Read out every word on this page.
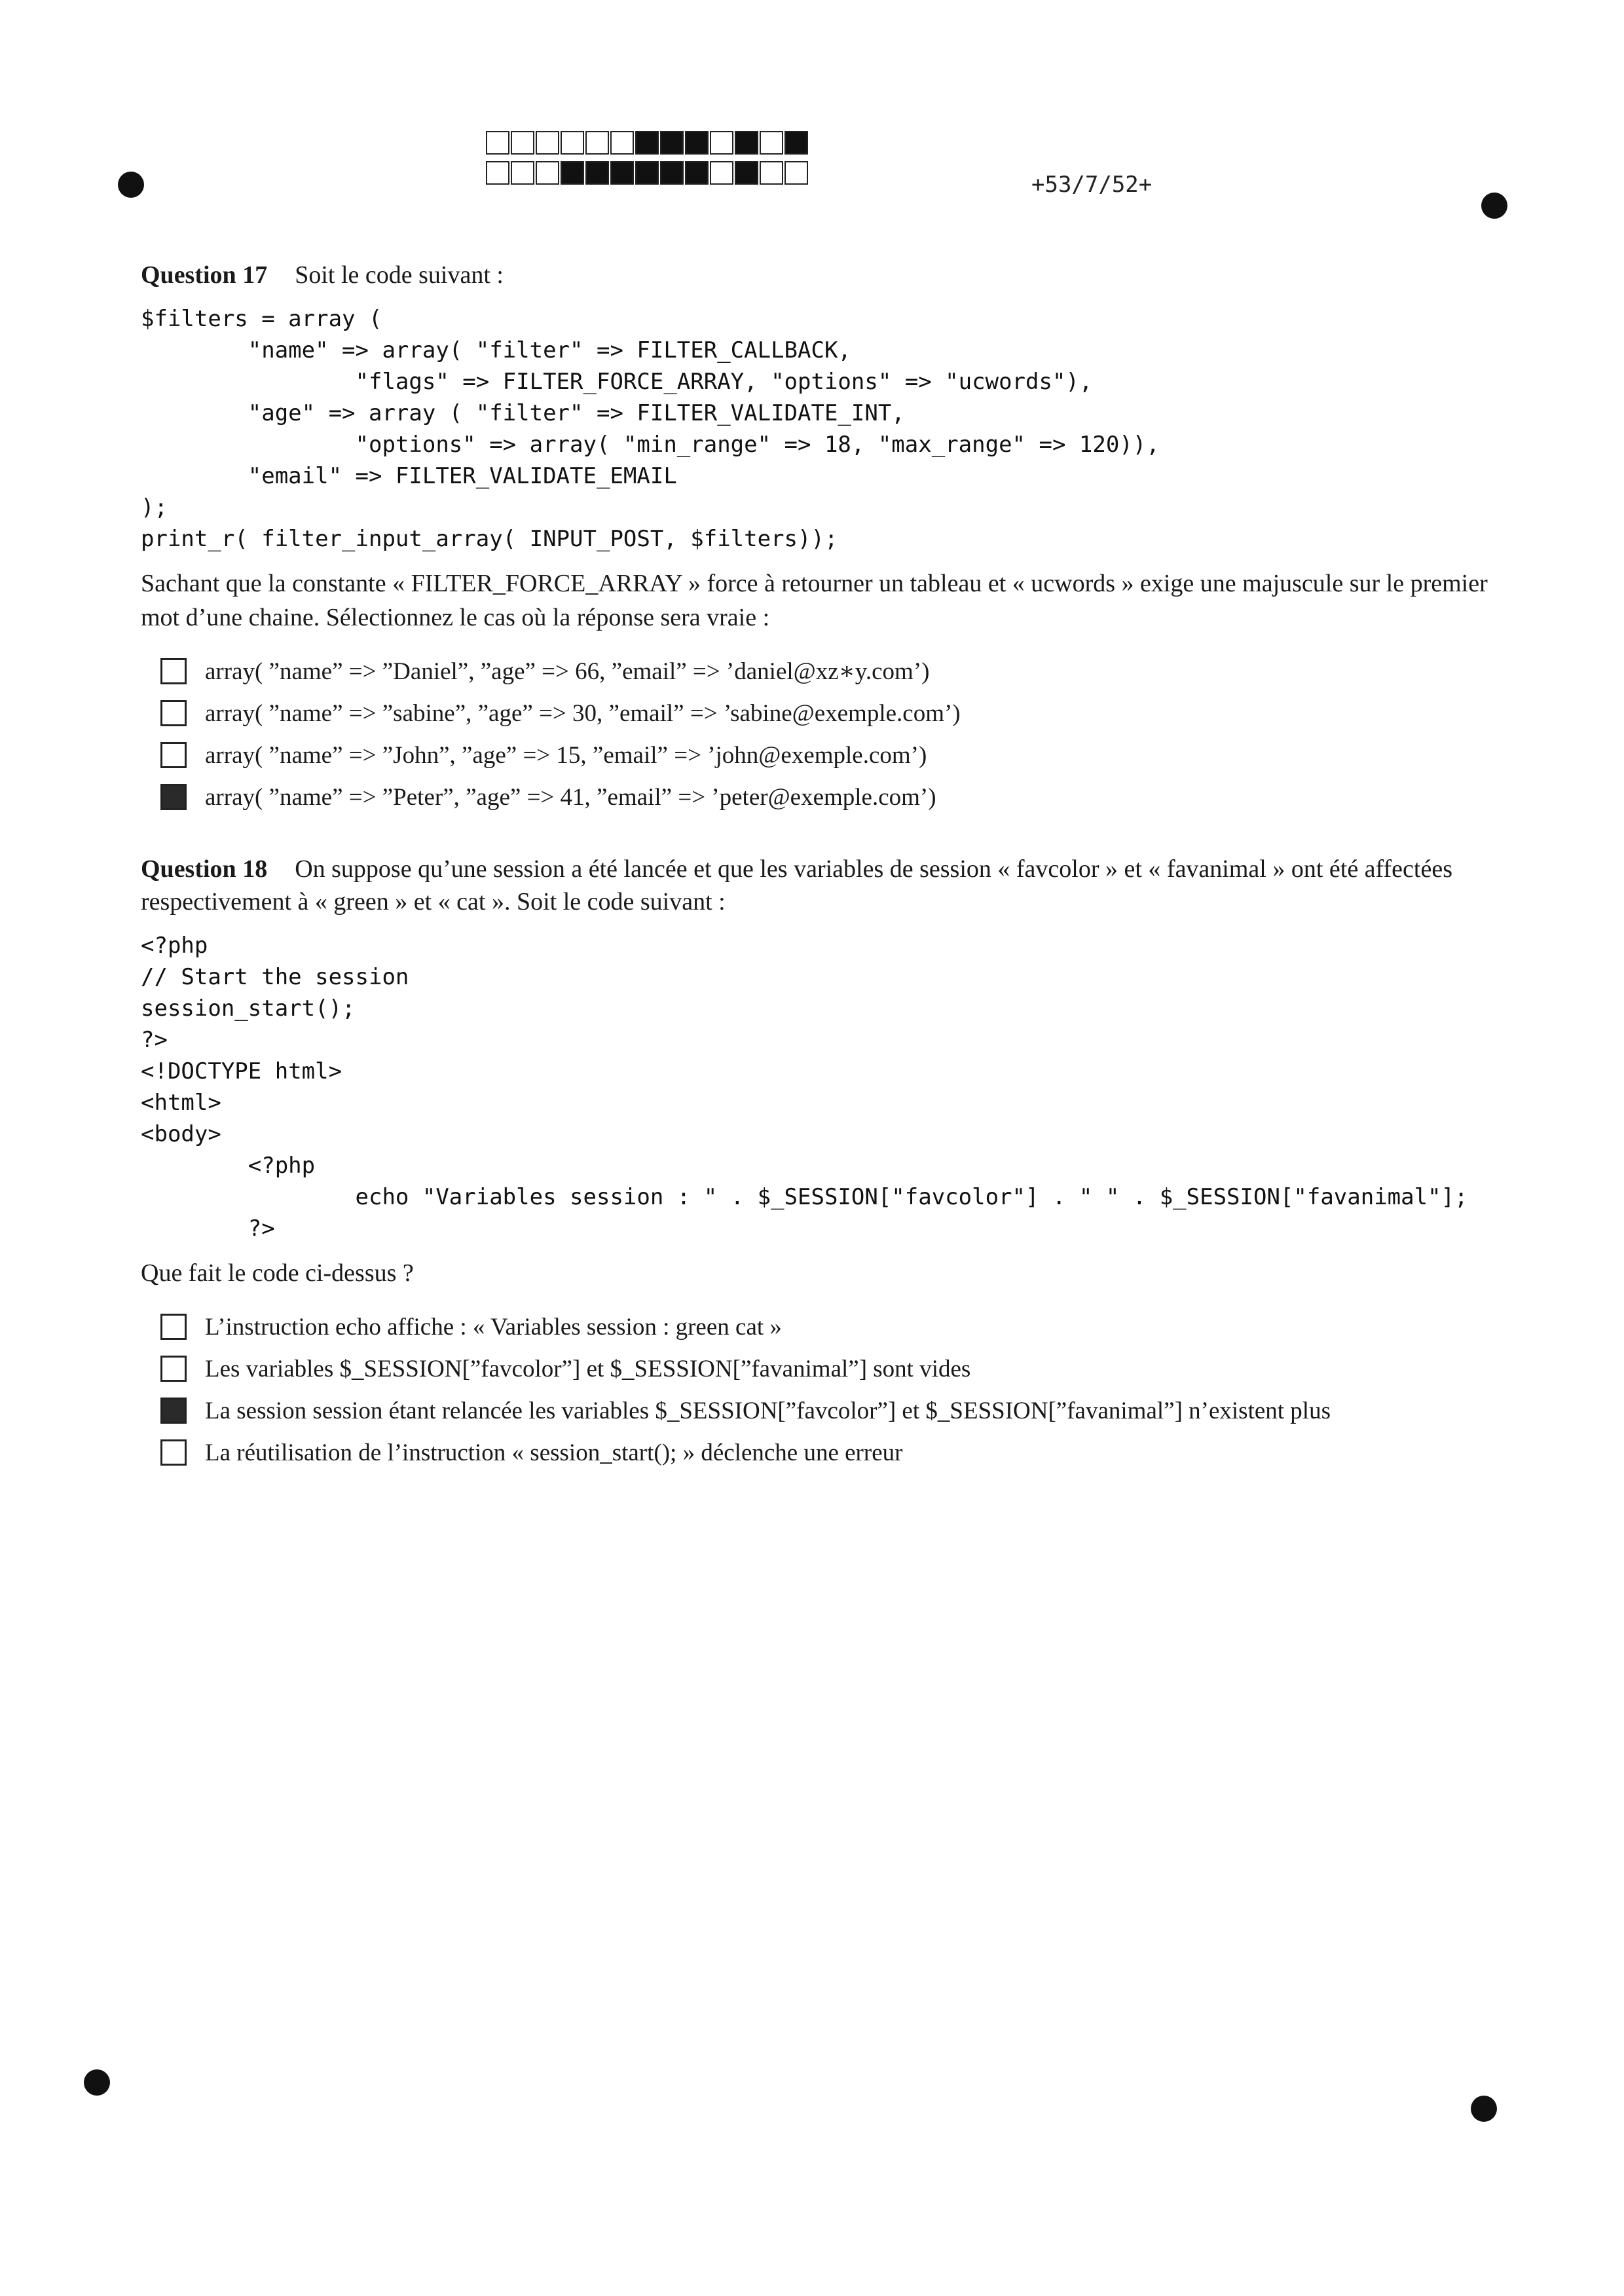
+53/7/52+
Question 17 Soit le code suivant :
$filters = array (
"name" => array( "filter" => FILTER_CALLBACK,
"flags" => FILTER_FORCE_ARRAY, "options" => "ucwords"),
"age" => array ( "filter" => FILTER_VALIDATE_INT,
"options" => array( "min_range" => 18, "max_range" => 120)),
"email" => FILTER_VALIDATE_EMAIL
);
print_r( filter_input_array( INPUT_POST, $filters));
Sachant que la constante « FILTER_FORCE_ARRAY » force à retourner un tableau et « ucwords » exige une majuscule sur le premier mot d’une chaine. Sélectionnez le cas où la réponse sera vraie :
array( ”name” => ”Daniel”, ”age” => 66, ”email” => ’daniel@xz∗y.com’)
array( ”name” => ”sabine”, ”age” => 30, ”email” => ’sabine@exemple.com’)
array( ”name” => ”John”, ”age” => 15, ”email” => ’john@exemple.com’)
array( ”name” => ”Peter”, ”age” => 41, ”email” => ’peter@exemple.com’)
Question 18 On suppose qu’une session a été lancée et que les variables de session « favcolor » et « favanimal » ont été affectées respectivement à « green » et « cat ». Soit le code suivant :
<?php
// Start the session
session_start();
?>
<!DOCTYPE html>
<html>
<body>
<?php
echo "Variables session : " . $_SESSION["favcolor"] . " " . $_SESSION["favanimal"];
?>
Que fait le code ci-dessus ?
L’instruction echo affiche : « Variables session : green cat »
Les variables $_SESSION[”favcolor”] et $_SESSION[”favanimal”] sont vides
La session session étant relancée les variables $_SESSION[”favcolor”] et $_SESSION[”favanimal”] n’existent plus
La réutilisation de l’instruction « session_start(); » déclenche une erreur
